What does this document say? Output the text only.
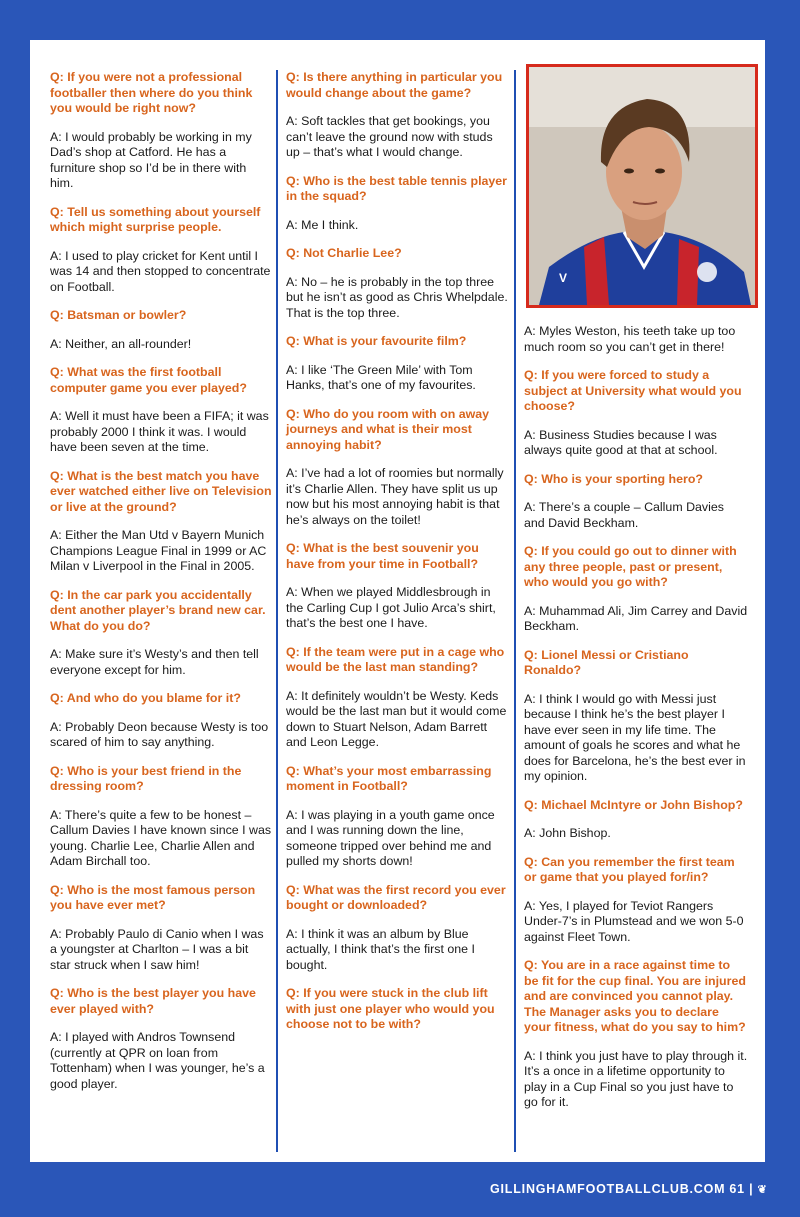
Q: If you were not a professional footballer then where do you think you would be right now?

A: I would probably be working in my Dad’s shop at Catford. He has a furniture shop so I’d be in there with him.

Q: Tell us something about yourself which might surprise people.

A: I used to play cricket for Kent until I was 14 and then stopped to concentrate on Football.

Q: Batsman or bowler?

A: Neither, an all-rounder!

Q: What was the first football computer game you ever played?

A: Well it must have been a FIFA; it was probably 2000 I think it was. I would have been seven at the time.

Q: What is the best match you have ever watched either live on Television or live at the ground?

A: Either the Man Utd v Bayern Munich Champions League Final in 1999 or AC Milan v Liverpool in the Final in 2005.

Q: In the car park you accidentally dent another player’s brand new car. What do you do?

A: Make sure it’s Westy’s and then tell everyone except for him.

Q: And who do you blame for it?

A: Probably Deon because Westy is too scared of him to say anything.

Q: Who is your best friend in the dressing room?

A: There’s quite a few to be honest – Callum Davies I have known since I was young. Charlie Lee, Charlie Allen and Adam Birchall too.

Q: Who is the most famous person you have ever met?

A: Probably Paulo di Canio when I was a youngster at Charlton – I was a bit star struck when I saw him!

Q: Who is the best player you have ever played with?

A: I played with Andros Townsend (currently at QPR on loan from Tottenham) when I was younger, he’s a good player.

Q: Is there anything in particular you would change about the game?

A: Soft tackles that get bookings, you can’t leave the ground now with studs up – that’s what I would change.

Q: Who is the best table tennis player in the squad?

A: Me I think.

Q: Not Charlie Lee?

A: No – he is probably in the top three but he isn’t as good as Chris Whelpdale. That is the top three.

Q: What is your favourite film?

A: I like ‘The Green Mile’ with Tom Hanks, that’s one of my favourites.

Q: Who do you room with on away journeys and what is their most annoying habit?

A: I’ve had a lot of roomies but normally it’s Charlie Allen. They have split us up now but his most annoying habit is that he’s always on the toilet!

Q: What is the best souvenir you have from your time in Football?

A: When we played Middlesbrough in the Carling Cup I got Julio Arca’s shirt, that’s the best one I have.

Q: If the team were put in a cage who would be the last man standing?

A: It definitely wouldn’t be Westy. Keds would be the last man but it would come down to Stuart Nelson, Adam Barrett and Leon Legge.

Q: What’s your most embarrassing moment in Football?

A: I was playing in a youth game once and I was running down the line, someone tripped over behind me and pulled my shorts down!

Q: What was the first record you ever bought or downloaded?

A: I think it was an album by Blue actually, I think that’s the first one I bought.

Q: If you were stuck in the club lift with just one player who would you choose not to be with?

V

A: Myles Weston, his teeth take up too much room so you can’t get in there!

Q: If you were forced to study a subject at University what would you choose?

A: Business Studies because I was always quite good at that at school.

Q: Who is your sporting hero?

A: There’s a couple – Callum Davies and David Beckham.

Q: If you could go out to dinner with any three people, past or present, who would you go with?

A: Muhammad Ali, Jim Carrey and David Beckham.

Q: Lionel Messi or Cristiano Ronaldo?

A: I think I would go with Messi just because I think he’s the best player I have ever seen in my life time. The amount of goals he scores and what he does for Barcelona, he’s the best ever in my opinion.

Q: Michael McIntyre or John Bishop?

A: John Bishop.

Q: Can you remember the first team or game that you played for/in?

A: Yes, I played for Teviot Rangers Under-7’s in Plumstead and we won 5-0 against Fleet Town.

Q: You are in a race against time to be fit for the cup final. You are injured and are convinced you cannot play. The Manager asks you to declare your fitness, what do you say to him?

A: I think you just have to play through it. It’s a once in a lifetime opportunity to play in a Cup Final so you just have to go for it.

GILLINGHAMFOOTBALLCLUB.COM 61 | ❦
